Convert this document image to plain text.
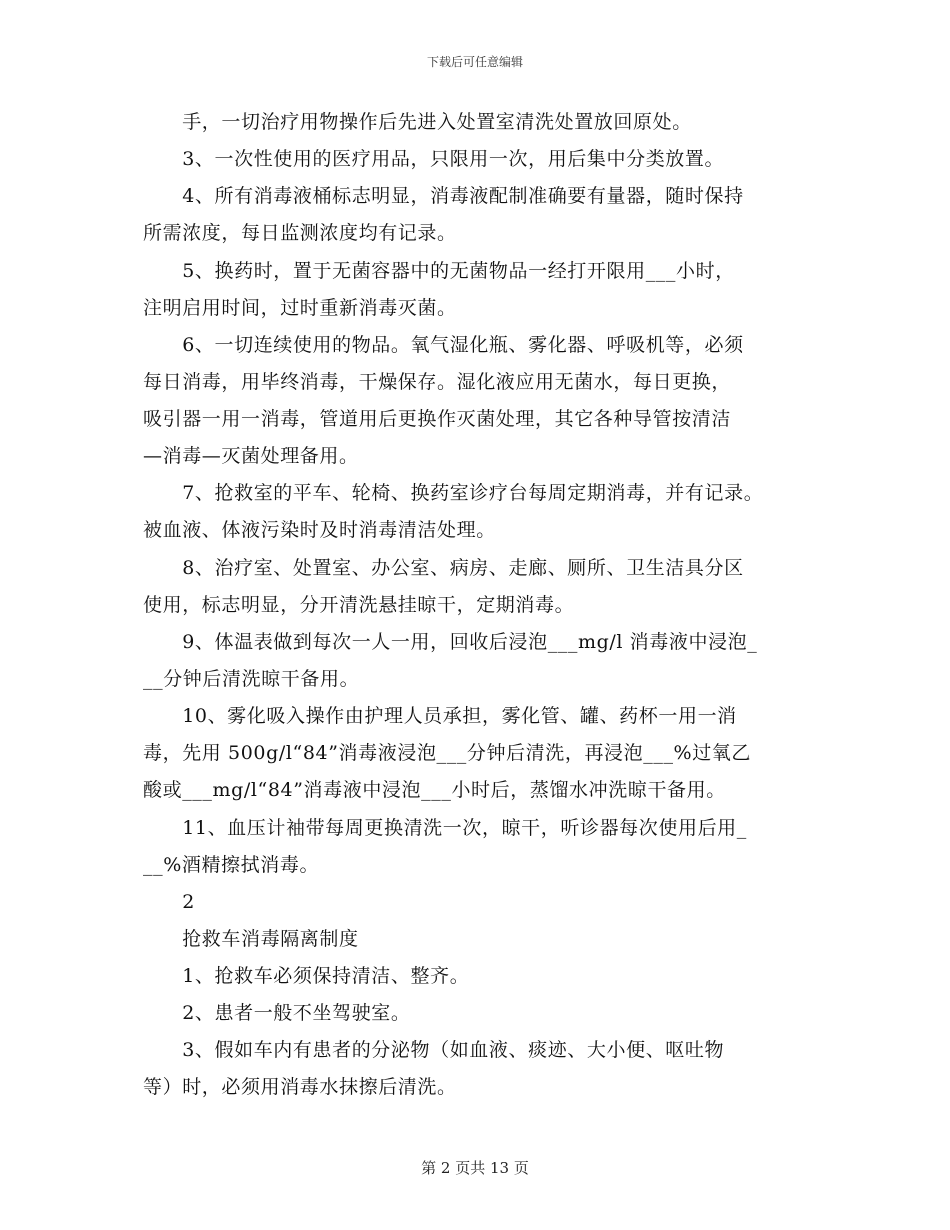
下载后可任意编辑
　　手，一切治疗用物操作后先进入处置室清洗处置放回原处。
　　3、一次性使用的医疗用品，只限用一次，用后集中分类放置。
　　4、所有消毒液桶标志明显，消毒液配制准确要有量器，随时保持
所需浓度，每日监测浓度均有记录。
　　5、换药时，置于无菌容器中的无菌物品一经打开限用___小时，
注明启用时间，过时重新消毒灭菌。
　　6、一切连续使用的物品。氧气湿化瓶、雾化器、呼吸机等，必须
每日消毒，用毕终消毒，干燥保存。湿化液应用无菌水，每日更换，
吸引器一用一消毒，管道用后更换作灭菌处理，其它各种导管按清洁
—消毒—灭菌处理备用。
　　7、抢救室的平车、轮椅、换药室诊疗台每周定期消毒，并有记录。
被血液、体液污染时及时消毒清洁处理。
　　8、治疗室、处置室、办公室、病房、走廊、厕所、卫生洁具分区
使用，标志明显，分开清洗悬挂晾干，定期消毒。
　　9、体温表做到每次一人一用，回收后浸泡___mg/l 消毒液中浸泡_
__分钟后清洗晾干备用。
　　10、雾化吸入操作由护理人员承担，雾化管、罐、药杯一用一消
毒，先用 500g/l“84”消毒液浸泡___分钟后清洗，再浸泡___%过氧乙
酸或___mg/l“84”消毒液中浸泡___小时后，蒸馏水冲洗晾干备用。
　　11、血压计袖带每周更换清洗一次，晾干，听诊器每次使用后用_
__%酒精擦拭消毒。
　　2
　　抢救车消毒隔离制度
　　1、抢救车必须保持清洁、整齐。
　　2、患者一般不坐驾驶室。
　　3、假如车内有患者的分泌物（如血液、痰迹、大小便、呕吐物
等）时，必须用消毒水抹擦后清洗。
第 2 页共 13 页
